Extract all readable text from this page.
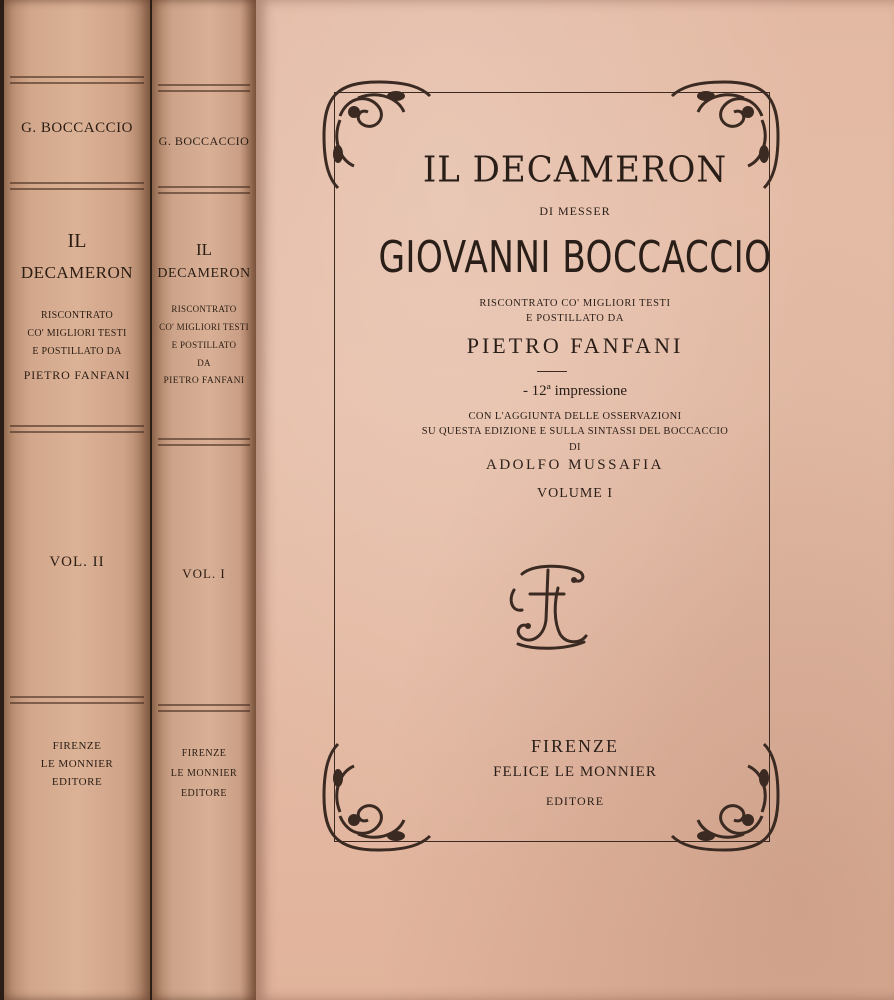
G. BOCCACCIO
IL
DECAMERON
RISCONTRATO
CO' MIGLIORI TESTI
E POSTILLATO DA
PIETRO FANFANI
VOL. II
FIRENZE
LE MONNIER
EDITORE
G. BOCCACCIO
IL
DECAMERON
RISCONTRATO
CO' MIGLIORI TESTI
E POSTILLATO
DA
PIETRO FANFANI
VOL. I
FIRENZE
LE MONNIER
EDITORE
IL DECAMERON
DI MESSER
GIOVANNI BOCCACCIO
RISCONTRATO CO' MIGLIORI TESTI
E POSTILLATO DA
PIETRO FANFANI
- 12ª impressione
CON L'AGGIUNTA DELLE OSSERVAZIONI
SU QUESTA EDIZIONE E SULLA SINTASSI DEL BOCCACCIO
DI
ADOLFO MUSSAFIA
VOLUME I
FIRENZE
FELICE LE MONNIER
EDITORE
